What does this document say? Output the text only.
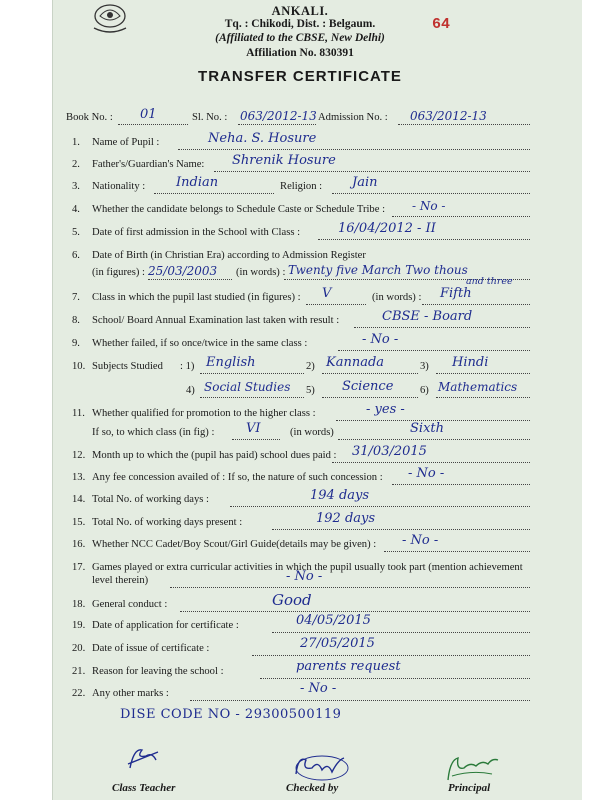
ANKALI.
Tq. : Chikodi, Dist. : Belgaum.
(Affiliated to the CBSE, New Delhi)
Affiliation No. 830391
TRANSFER CERTIFICATE
64
Book No. : 01	Sl. No. : 063/2012-13 Admission No. : 063/2012-13
1. Name of Pupil :	Neha. S. Hosure
2. Father's/Guardian's Name: Shrenik Hosure
3. Nationality : Indian	Religion : Jain
4. Whether the candidate belongs to Schedule Caste or Schedule Tribe : - No -
5. Date of first admission in the School with Class :	16/04/2012 - II
6. Date of Birth (in Christian Era) according to Admission Register
(in figures) : 25/03/2003 (in words) : Twenty five March Two thous
and three
7. Class in which the pupil last studied (in figures) : V	(in words) : Fifth
8. School/ Board Annual Examination last taken with result :	CBSE - Board
9. Whether failed, if so once/twice in the same class :	- No -
10. Subjects Studied : 1) English	2) Kannada	3) Hindi
4) Social Studies 5) Science	6) Mathematics
11. Whether qualified for promotion to the higher class :	- yes -
If so, to which class (in fig) : VI	(in words)	Sixth
12. Month up to which the (pupil has paid) school dues paid : 31/03/2015
13. Any fee concession availed of : If so, the nature of such concession : - No -
14. Total No. of working days :	194 days
15. Total No. of working days present :	192 days
16. Whether NCC Cadet/Boy Scout/Girl Guide(details may be given) : - No -
17. Games played or extra curricular activities in which the pupil usually took part (mention achievement
level therein)	- No -
18. General conduct :	Good
19. Date of application for certificate :	04/05/2015
20. Date of issue of certificate :	27/05/2015
21. Reason for leaving the school :	parents request
22. Any other marks :	- No -
DISE CODE NO - 29300500119
Class Teacher	Checked by	Principal
